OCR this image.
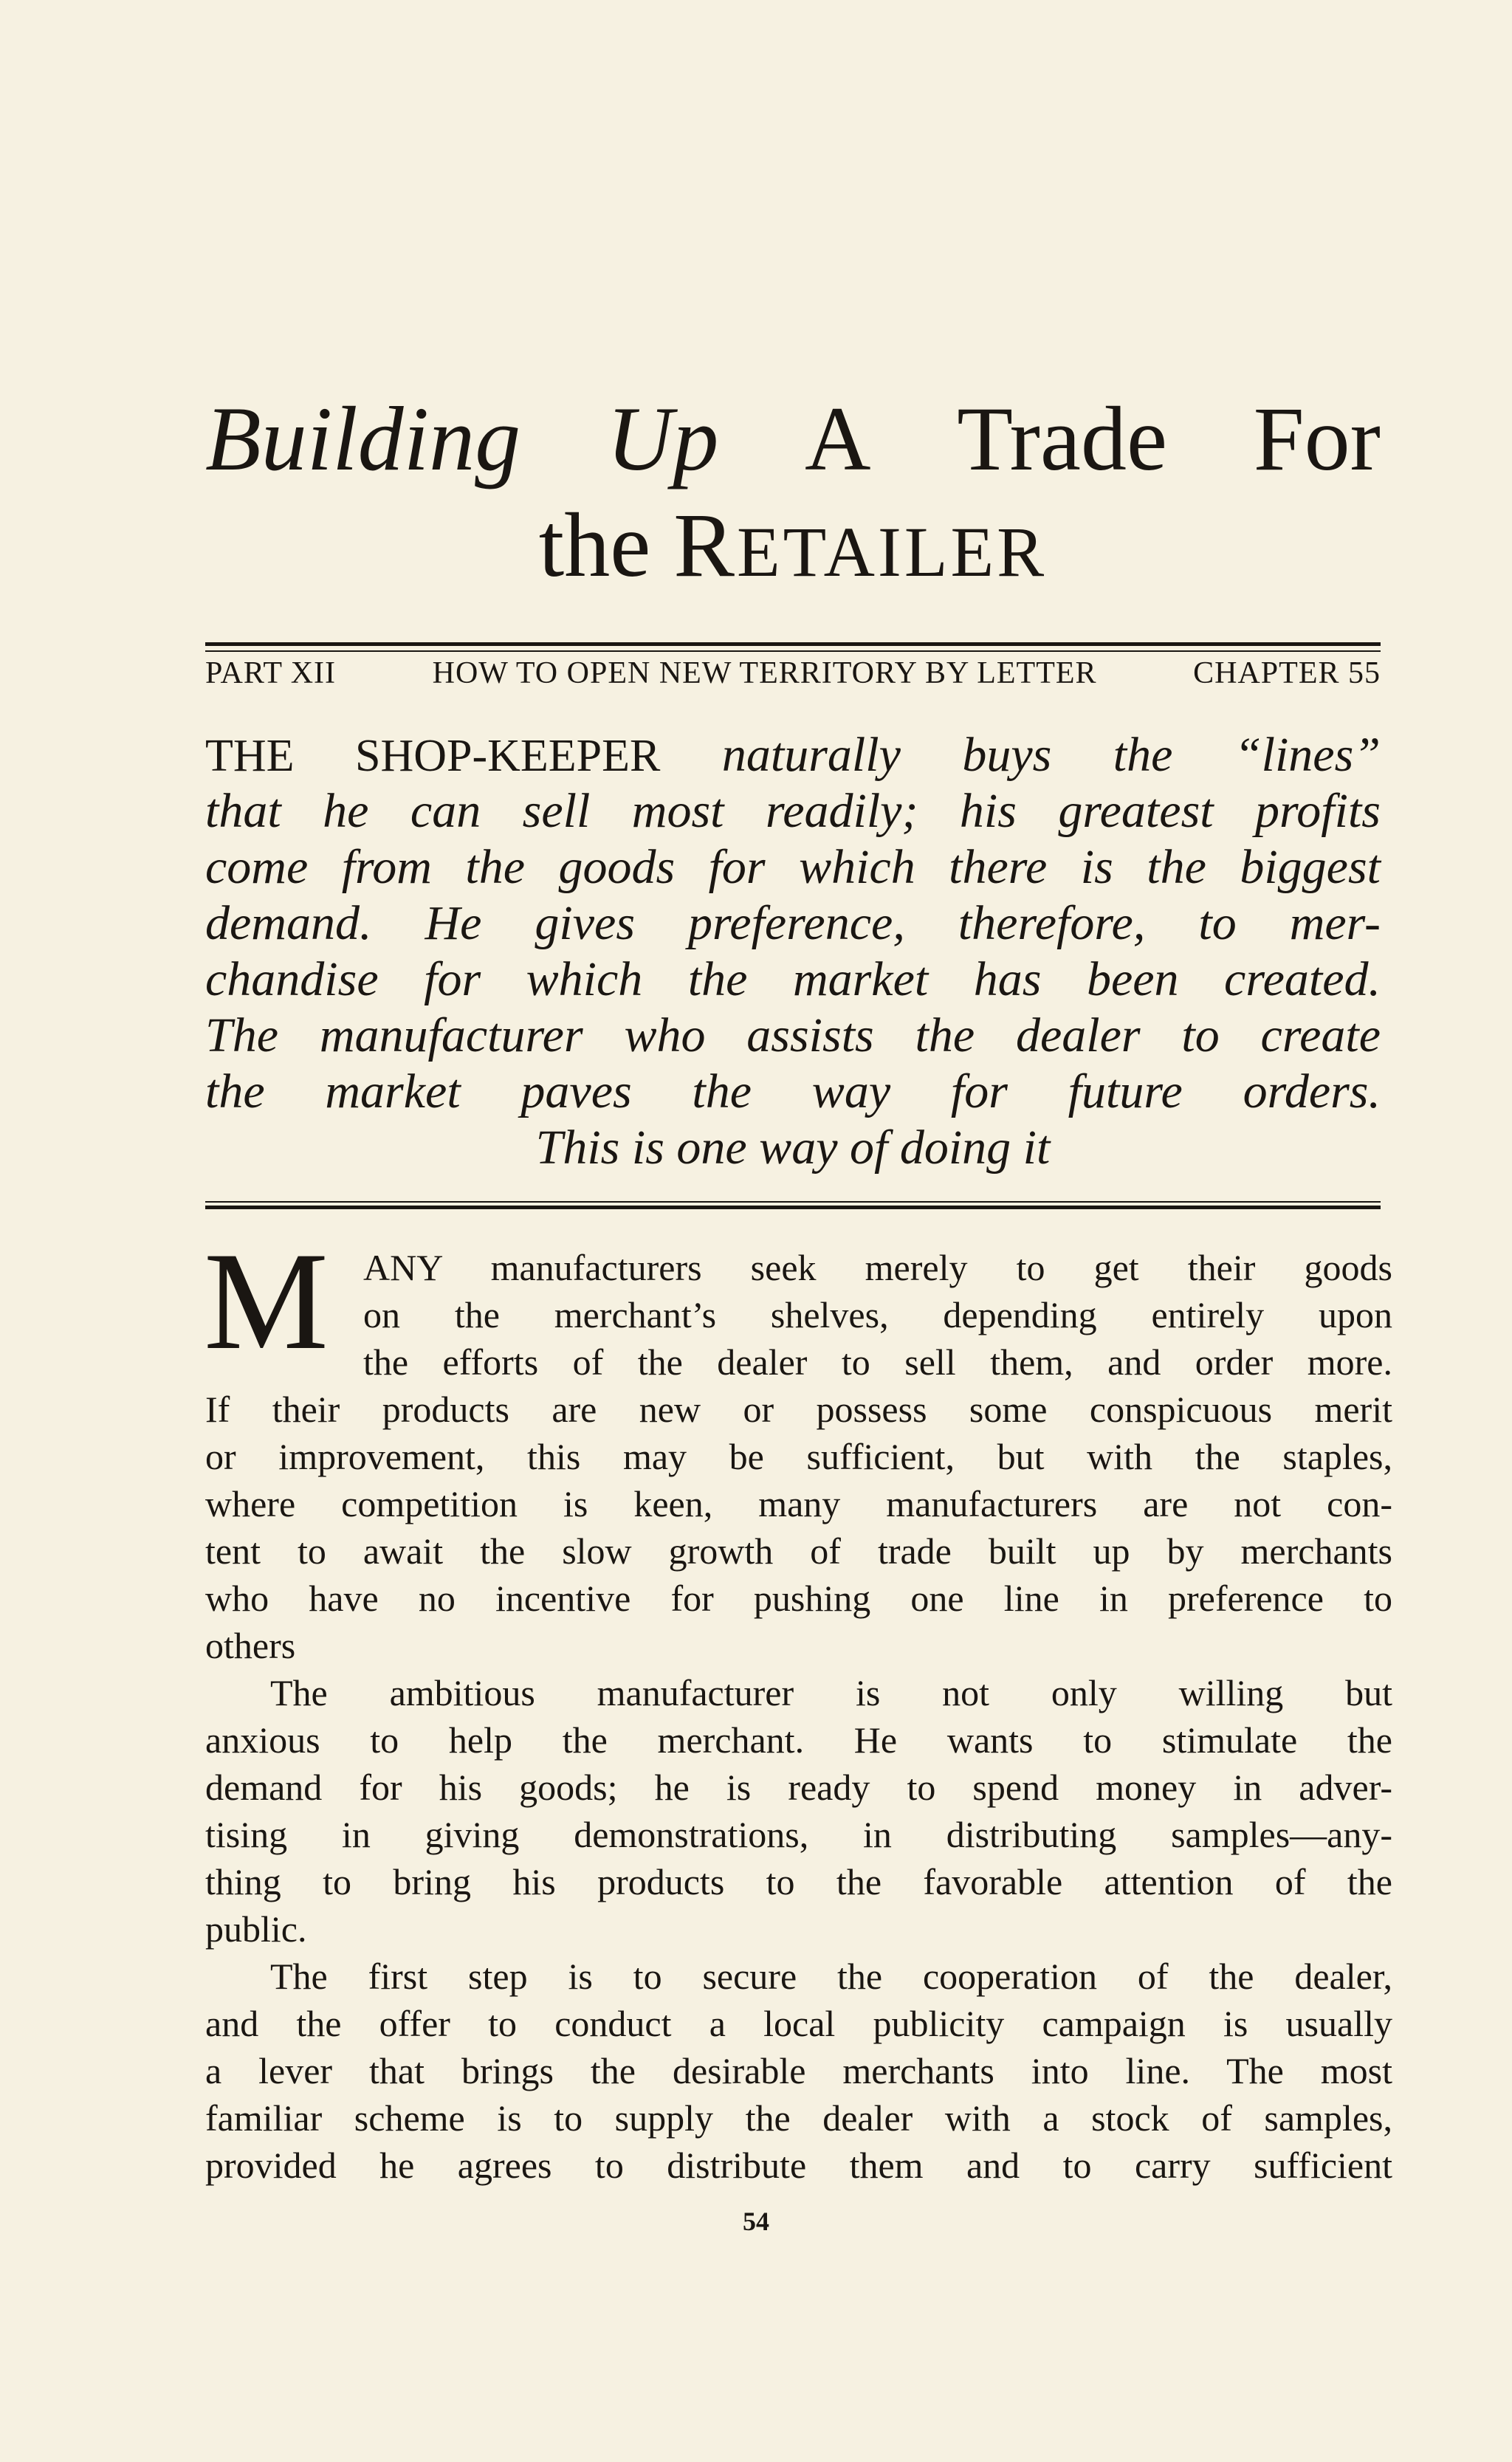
Building Up A Trade For
the RETAILER
PART XII	HOW TO OPEN NEW TERRITORY BY LETTER	CHAPTER 55
THE SHOP-KEEPER naturally buys the “lines”
that he can sell most readily; his greatest profits
come from the goods for which there is the biggest
demand. He gives preference, therefore, to mer-
chandise for which the market has been created.
The manufacturer who assists the dealer to create
the market paves the way for future orders.
This is one way of doing it
M ANY manufacturers seek merely to get their goods
on the merchant’s shelves, depending entirely upon
the efforts of the dealer to sell them, and order more.
If their products are new or possess some conspicuous merit
or improvement, this may be sufficient, but with the staples,
where competition is keen, many manufacturers are not con-
tent to await the slow growth of trade built up by merchants
who have no incentive for pushing one line in preference to
others
The ambitious manufacturer is not only willing but
anxious to help the merchant. He wants to stimulate the
demand for his goods; he is ready to spend money in adver-
tising in giving demonstrations, in distributing samples—any-
thing to bring his products to the favorable attention of the
public.
The first step is to secure the cooperation of the dealer,
and the offer to conduct a local publicity campaign is usually
a lever that brings the desirable merchants into line. The most
familiar scheme is to supply the dealer with a stock of samples,
provided he agrees to distribute them and to carry sufficient
54
